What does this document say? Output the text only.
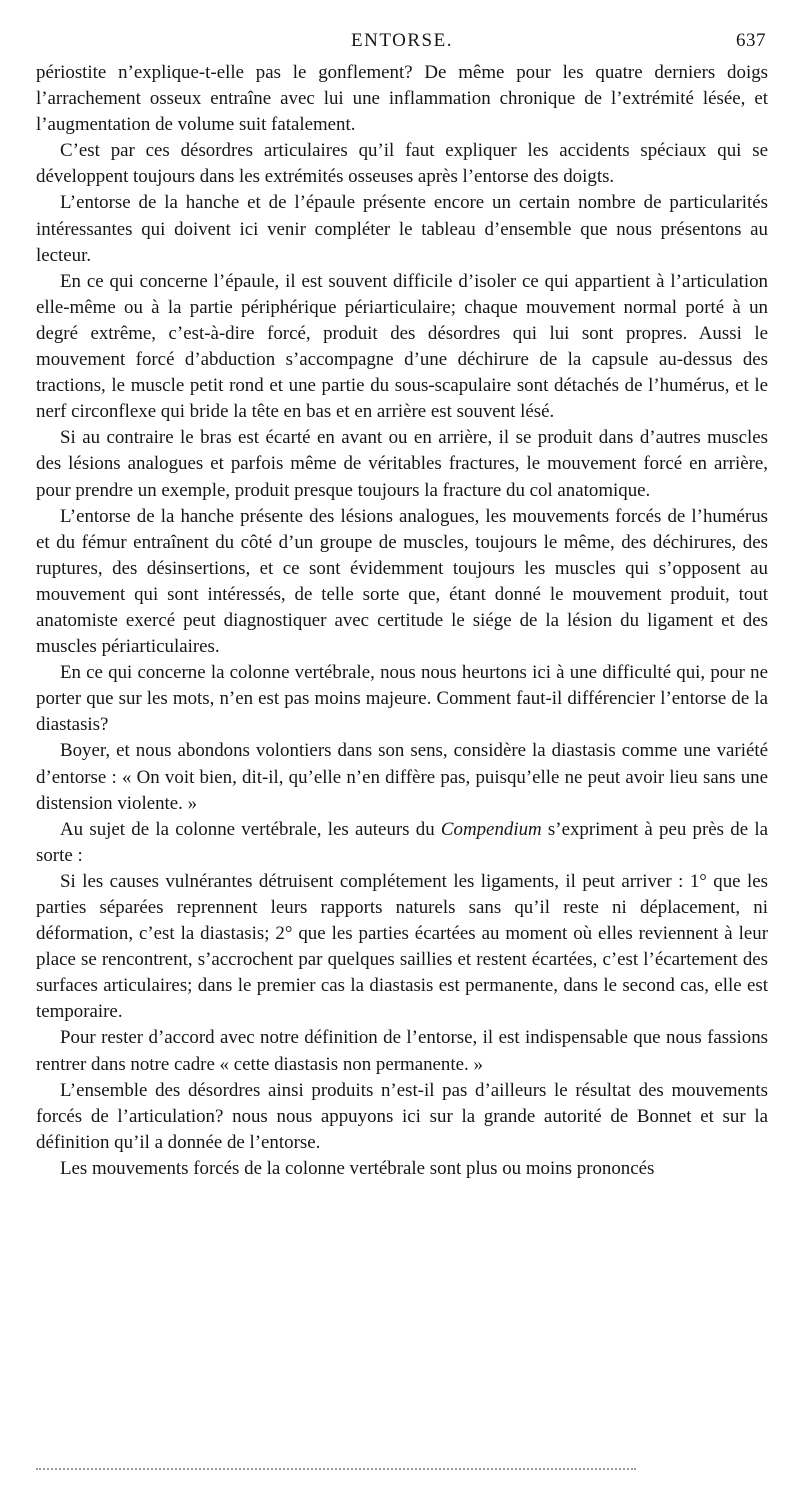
ENTORSE.	637

périostite n’explique-t-elle pas le gonflement? De même pour les quatre derniers doigs l’arrachement osseux entraîne avec lui une inflammation chronique de l’extrémité lésée, et l’augmentation de volume suit fatalement.

C’est par ces désordres articulaires qu’il faut expliquer les accidents spéciaux qui se développent toujours dans les extrémités osseuses après l’entorse des doigts.

L’entorse de la hanche et de l’épaule présente encore un certain nombre de particularités intéressantes qui doivent ici venir compléter le tableau d’ensemble que nous présentons au lecteur.

En ce qui concerne l’épaule, il est souvent difficile d’isoler ce qui appartient à l’articulation elle-même ou à la partie périphérique périarticulaire; chaque mouvement normal porté à un degré extrême, c’est-à-dire forcé, produit des désordres qui lui sont propres. Aussi le mouvement forcé d’abduction s’accompagne d’une déchirure de la capsule au-dessus des tractions, le muscle petit rond et une partie du sous-scapulaire sont détachés de l’humérus, et le nerf circonflexe qui bride la tête en bas et en arrière est souvent lésé.

Si au contraire le bras est écarté en avant ou en arrière, il se produit dans d’autres muscles des lésions analogues et parfois même de véritables fractures, le mouvement forcé en arrière, pour prendre un exemple, produit presque toujours la fracture du col anatomique.

L’entorse de la hanche présente des lésions analogues, les mouvements forcés de l’humérus et du fémur entraînent du côté d’un groupe de muscles, toujours le même, des déchirures, des ruptures, des désinsertions, et ce sont évidemment toujours les muscles qui s’opposent au mouvement qui sont intéressés, de telle sorte que, étant donné le mouvement produit, tout anatomiste exercé peut diagnostiquer avec certitude le siége de la lésion du ligament et des muscles périarticulaires.

En ce qui concerne la colonne vertébrale, nous nous heurtons ici à une difficulté qui, pour ne porter que sur les mots, n’en est pas moins majeure. Comment faut-il différencier l’entorse de la diastasis?

Boyer, et nous abondons volontiers dans son sens, considère la diastasis comme une variété d’entorse : « On voit bien, dit-il, qu’elle n’en diffère pas, puisqu’elle ne peut avoir lieu sans une distension violente. »

Au sujet de la colonne vertébrale, les auteurs du Compendium s’expriment à peu près de la sorte :

Si les causes vulnérantes détruisent complétement les ligaments, il peut arriver : 1° que les parties séparées reprennent leurs rapports naturels sans qu’il reste ni déplacement, ni déformation, c’est la diastasis; 2° que les parties écartées au moment où elles reviennent à leur place se rencontrent, s’accrochent par quelques saillies et restent écartées, c’est l’écartement des surfaces articulaires; dans le premier cas la diastasis est permanente, dans le second cas, elle est temporaire.

Pour rester d’accord avec notre définition de l’entorse, il est indispensable que nous fassions rentrer dans notre cadre « cette diastasis non permanente. »

L’ensemble des désordres ainsi produits n’est-il pas d’ailleurs le résultat des mouvements forcés de l’articulation? nous nous appuyons ici sur la grande autorité de Bonnet et sur la définition qu’il a donnée de l’entorse.

Les mouvements forcés de la colonne vertébrale sont plus ou moins prononcés
